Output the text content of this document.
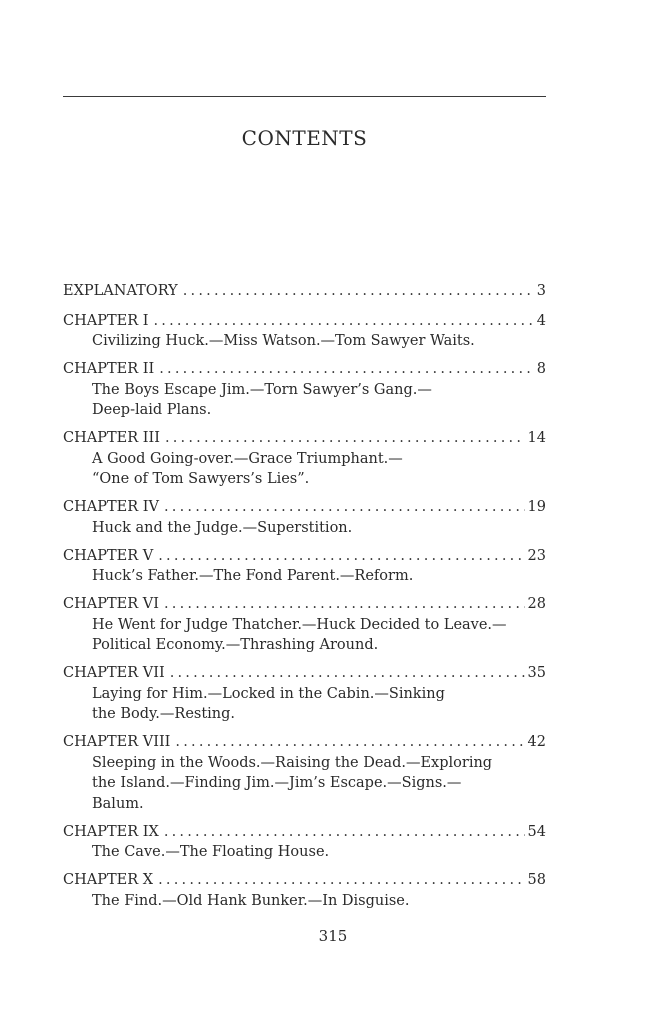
CONTENTS
EXPLANATORY .....	3
CHAPTER I .....	4
Civilizing Huck.—Miss Watson.—Tom Sawyer Waits.
CHAPTER II .....	8
The Boys Escape Jim.—Torn Sawyer’s Gang.—
Deep-laid Plans.
CHAPTER III .....	14
A Good Going-over.—Grace Triumphant.—
“One of Tom Sawyers’s Lies”.
CHAPTER IV .....	19
Huck and the Judge.—Superstition.
CHAPTER V .....	23
Huck’s Father.—The Fond Parent.—Reform.
CHAPTER VI .....	28
He Went for Judge Thatcher.—Huck Decided to Leave.—
Political Economy.—Thrashing Around.
CHAPTER VII .....	35
Laying for Him.—Locked in the Cabin.—Sinking
the Body.—Resting.
CHAPTER VIII .....	42
Sleeping in the Woods.—Raising the Dead.—Exploring
the Island.—Finding Jim.—Jim’s Escape.—Signs.—
Balum.
CHAPTER IX .....	54
The Cave.—The Floating House.
CHAPTER X .....	58
The Find.—Old Hank Bunker.—In Disguise.
315
